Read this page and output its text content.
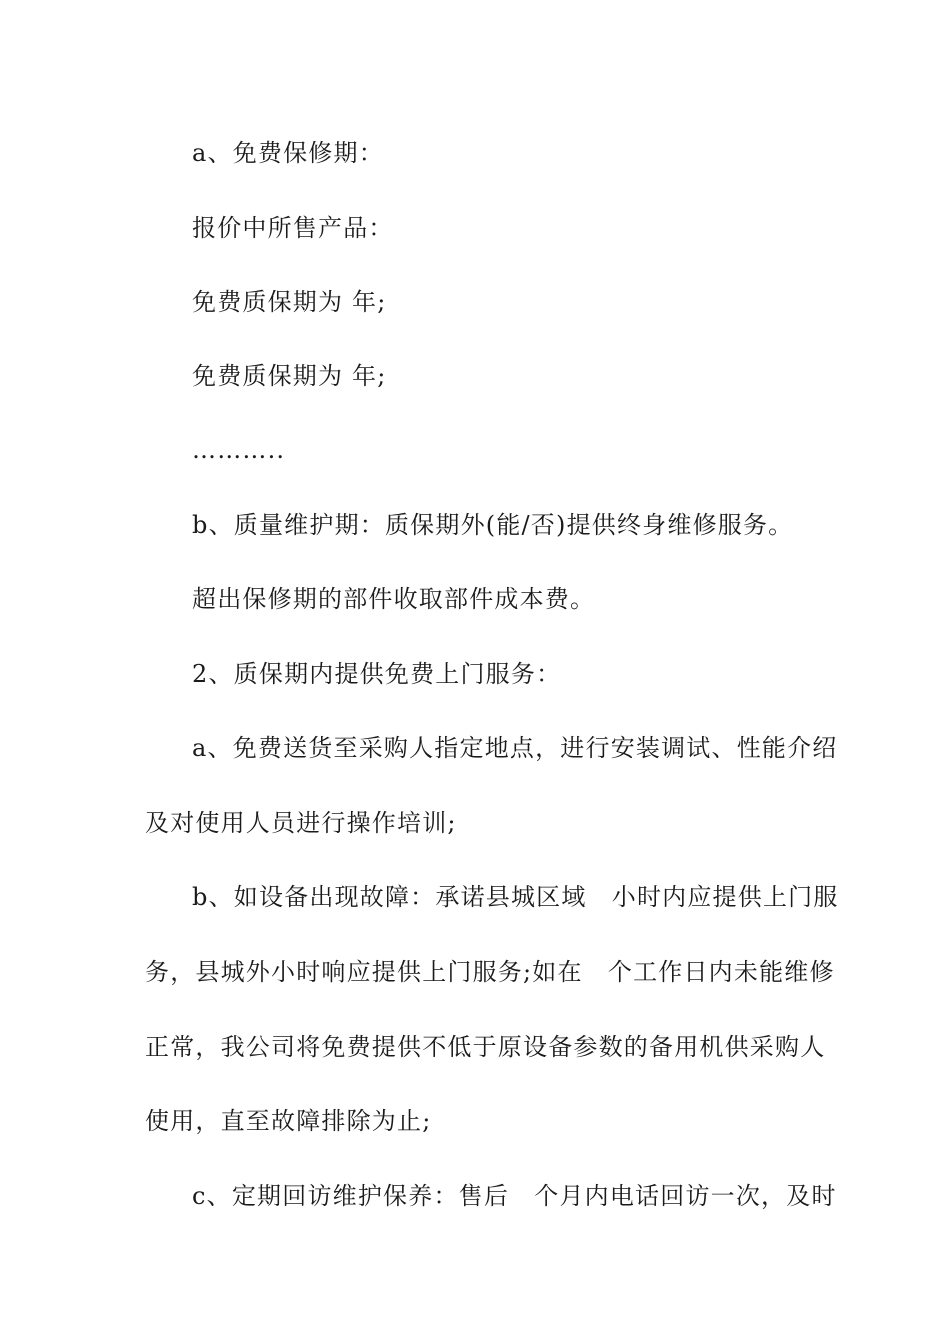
a、免费保修期：

报价中所售产品：

免费质保期为 年;

免费质保期为 年;

………..

b、质量维护期：质保期外(能/否)提供终身维修服务。

超出保修期的部件收取部件成本费。

2、质保期内提供免费上门服务：

a、免费送货至采购人指定地点，进行安装调试、性能介绍

及对使用人员进行操作培训;

b、如设备出现故障：承诺县城区域　小时内应提供上门服

务，县城外小时响应提供上门服务;如在　个工作日内未能维修

正常，我公司将免费提供不低于原设备参数的备用机供采购人

使用，直至故障排除为止;

c、定期回访维护保养：售后　个月内电话回访一次，及时
